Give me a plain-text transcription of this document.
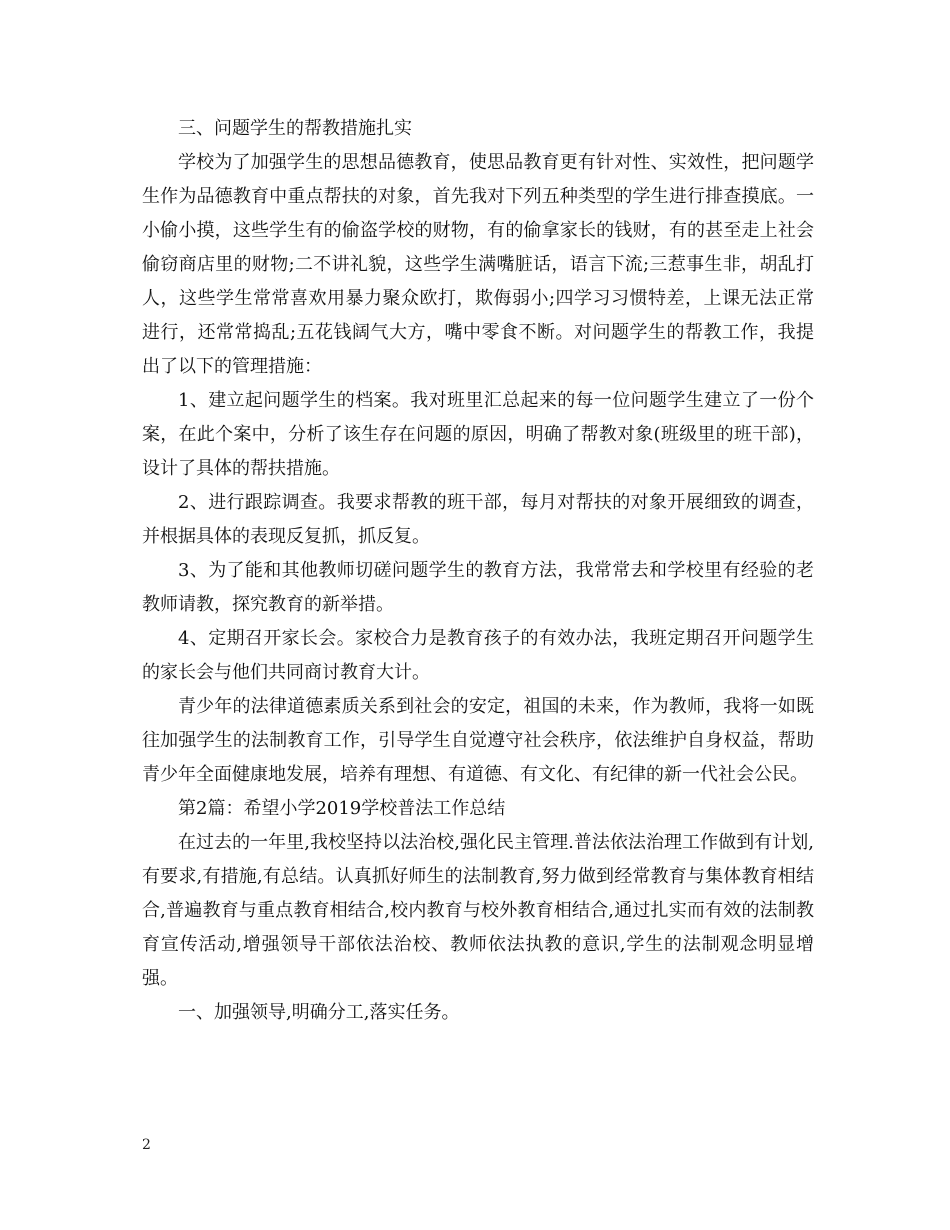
三、问题学生的帮教措施扎实

学校为了加强学生的思想品德教育，使思品教育更有针对性、实效性，把问题学生作为品德教育中重点帮扶的对象，首先我对下列五种类型的学生进行排查摸底。一小偷小摸，这些学生有的偷盗学校的财物，有的偷拿家长的钱财，有的甚至走上社会偷窃商店里的财物;二不讲礼貌，这些学生满嘴脏话，语言下流;三惹事生非，胡乱打人，这些学生常常喜欢用暴力聚众欧打，欺侮弱小;四学习习惯特差，上课无法正常进行，还常常捣乱;五花钱阔气大方，嘴中零食不断。对问题学生的帮教工作，我提出了以下的管理措施：

1、建立起问题学生的档案。我对班里汇总起来的每一位问题学生建立了一份个案，在此个案中，分析了该生存在问题的原因，明确了帮教对象(班级里的班干部)，设计了具体的帮扶措施。

2、进行跟踪调查。我要求帮教的班干部，每月对帮扶的对象开展细致的调查，并根据具体的表现反复抓，抓反复。

3、为了能和其他教师切磋问题学生的教育方法，我常常去和学校里有经验的老教师请教，探究教育的新举措。

4、定期召开家长会。家校合力是教育孩子的有效办法，我班定期召开问题学生的家长会与他们共同商讨教育大计。

青少年的法律道德素质关系到社会的安定，祖国的未来，作为教师，我将一如既往加强学生的法制教育工作，引导学生自觉遵守社会秩序，依法维护自身权益，帮助青少年全面健康地发展，培养有理想、有道德、有文化、有纪律的新一代社会公民。

第2篇：希望小学2019学校普法工作总结

在过去的一年里,我校坚持以法治校,强化民主管理.普法依法治理工作做到有计划,有要求,有措施,有总结。认真抓好师生的法制教育,努力做到经常教育与集体教育相结合,普遍教育与重点教育相结合,校内教育与校外教育相结合,通过扎实而有效的法制教育宣传活动,增强领导干部依法治校、教师依法执教的意识,学生的法制观念明显增强。

一、加强领导,明确分工,落实任务。

2
